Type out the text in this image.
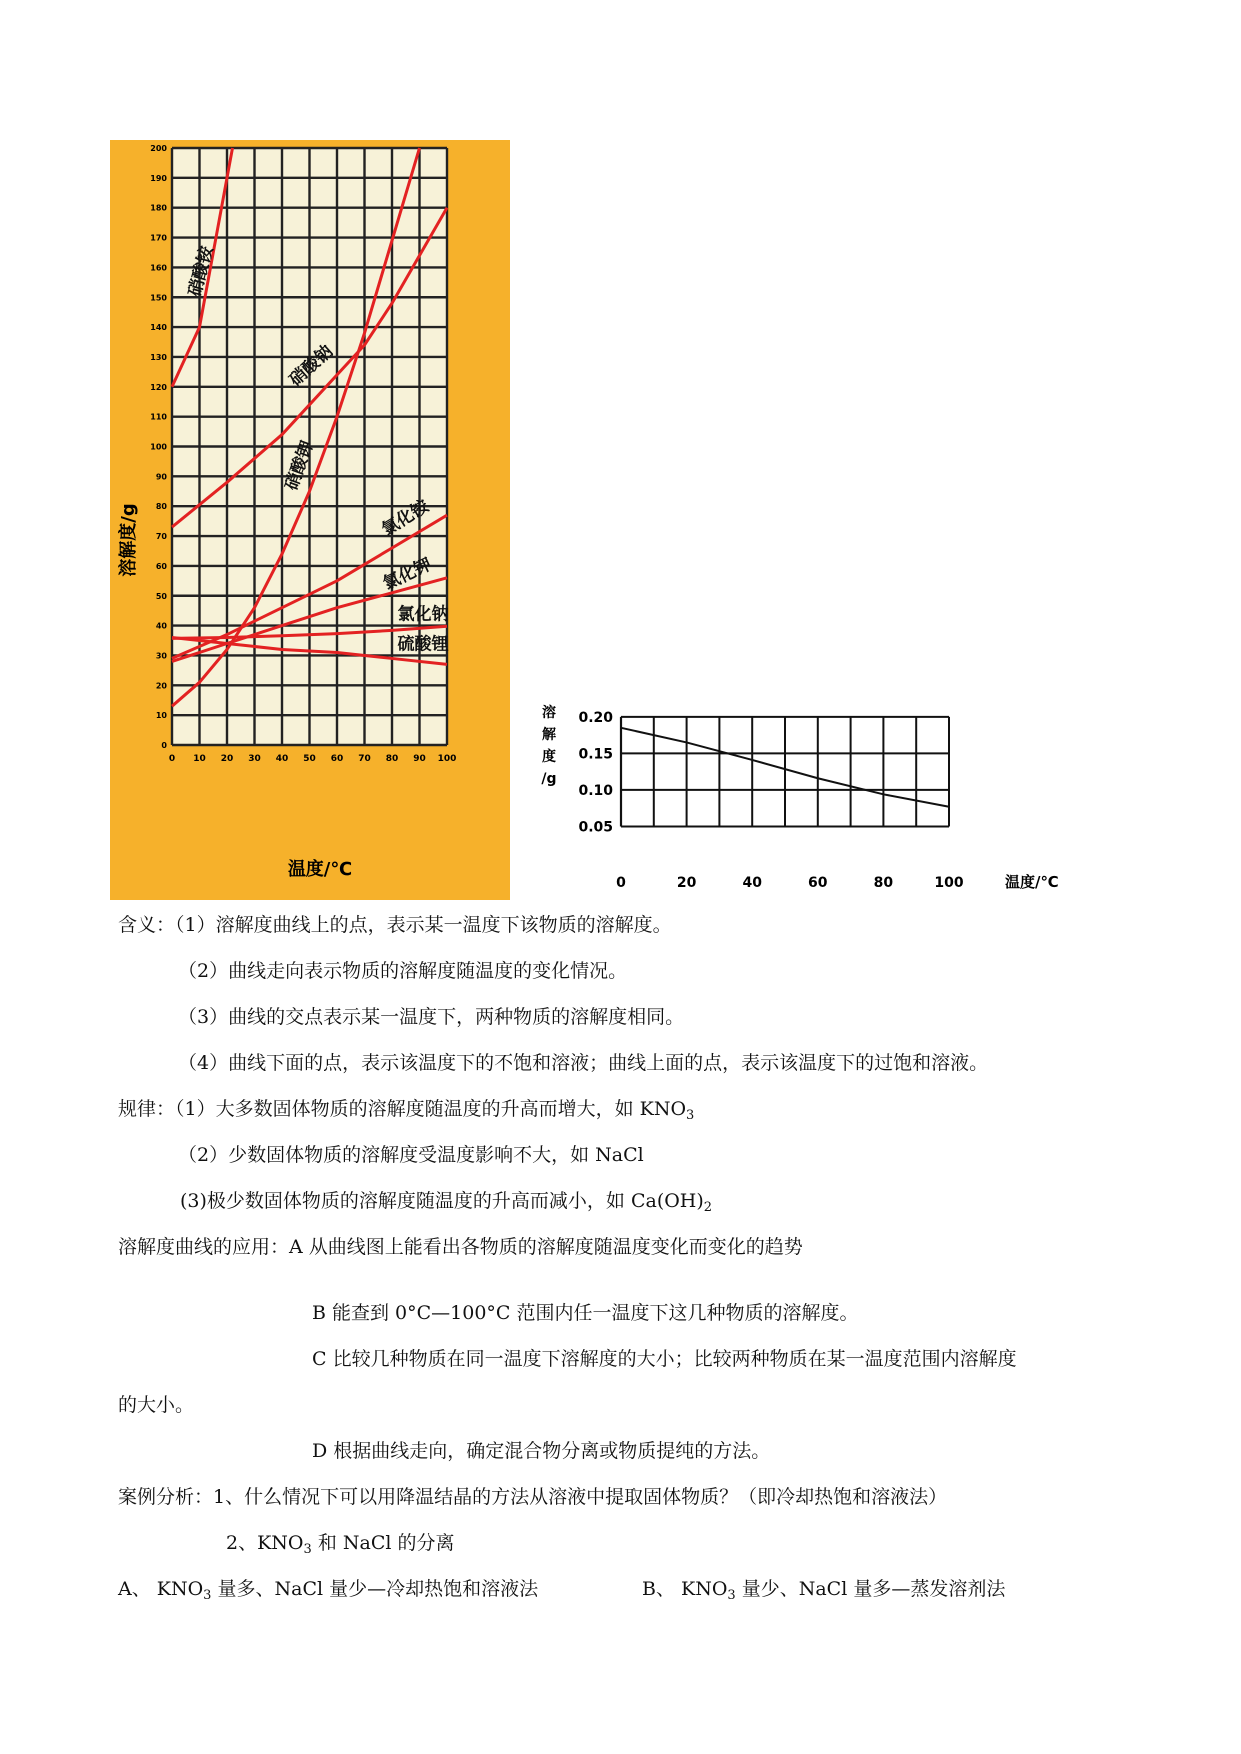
0 10 20 30 40 50 60 70 80 90 100
0
10
20
30
40
50
60
70
80
90
100
110
120
130
140
150
160
170
180
190
200
硝酸铵
硝酸钠
硝酸钾
氯化铵
氯化钾
氯化钠
硫酸锂
溶解度/g
温度/℃
0.05
0.10
0.15
0.20
0	20	40	60	80	100
溶
解
度
/g
温度/℃
含义：（1）溶解度曲线上的点，表示某一温度下该物质的溶解度。
（2）曲线走向表示物质的溶解度随温度的变化情况。
（3）曲线的交点表示某一温度下，两种物质的溶解度相同。
（4）曲线下面的点，表示该温度下的不饱和溶液；曲线上面的点，表示该温度下的过饱和溶液。
规律：（1）大多数固体物质的溶解度随温度的升高而增大，如 $KNO_3$
（2）少数固体物质的溶解度受温度影响不大，如 NaCl
(3)极少数固体物质的溶解度随温度的升高而减小，如 $Ca(OH)_2$
溶解度曲线的应用：A 从曲线图上能看出各物质的溶解度随温度变化而变化的趋势
B 能查到 0°C—100°C 范围内任一温度下这几种物质的溶解度。
C 比较几种物质在同一温度下溶解度的大小；比较两种物质在某一温度范围内溶解度
的大小。
D 根据曲线走向，确定混合物分离或物质提纯的方法。
案例分析：1、什么情况下可以用降温结晶的方法从溶液中提取固体物质？（即冷却热饱和溶液法）
2、$KNO_3$ 和 NaCl 的分离
A、 $KNO_3$ 量多、NaCl 量少—冷却热饱和溶液法	B、 $KNO_3$ 量少、NaCl 量多—蒸发溶剂法
